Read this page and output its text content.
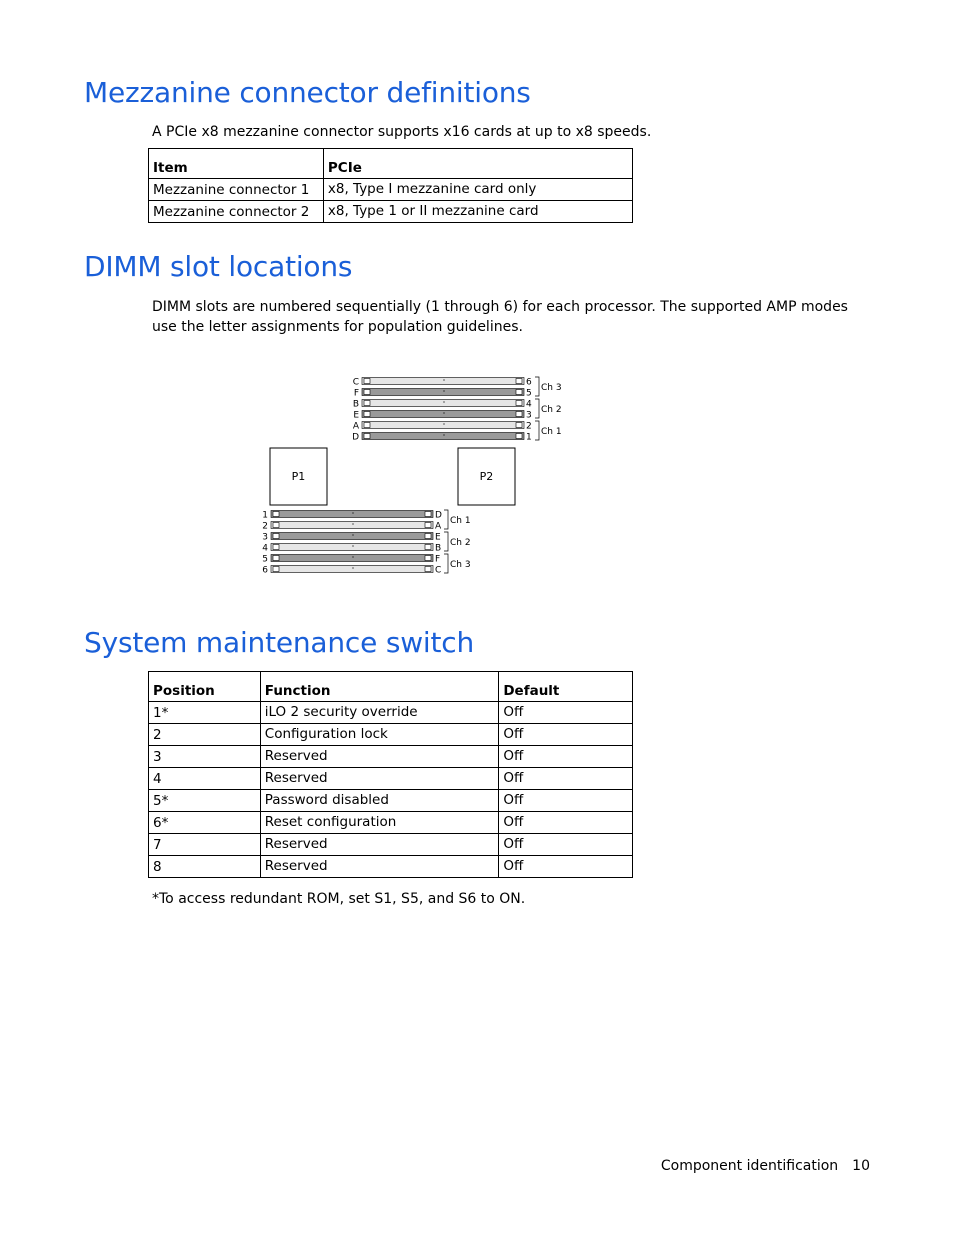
Mezzanine connector definitions

A PCIe x8 mezzanine connector supports x16 cards at up to x8 speeds.

Item	PCIe
Mezzanine connector 1	x8, Type I mezzanine card only
Mezzanine connector 2	x8, Type 1 or II mezzanine card
DIMM slot locations

DIMM slots are numbered sequentially (1 through 6) for each processor. The supported AMP modes use the letter assignments for population guidelines.

C	6
F	5
B	4
E	3
A	2
D	1
Ch 3
Ch 2
Ch 1
1	D
2	A
3	E
4	B
5	F
6	C
Ch 1
Ch 2
Ch 3
P1	P2
System maintenance switch
Position	Function	Default
1*	iLO 2 security override	Off
2	Configuration lock	Off
3	Reserved	Off
4	Reserved	Off
5*	Password disabled	Off
6*	Reset configuration	Off
7	Reserved	Off
8	Reserved	Off

*To access redundant ROM, set S1, S5, and S6 to ON.

Component identification 10
